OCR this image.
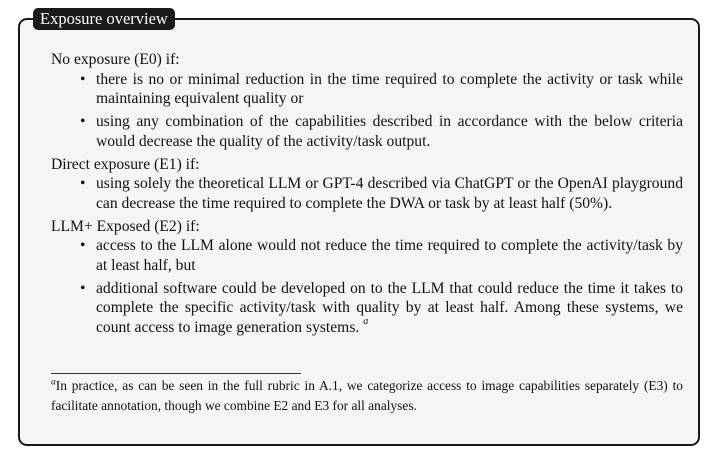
Exposure overview

No exposure (E0) if:

• there is no or minimal reduction in the time required to complete the activity or task while maintaining equivalent quality or
• using any combination of the capabilities described in accordance with the below criteria would decrease the quality of the activity/task output.

Direct exposure (E1) if:

• using solely the theoretical LLM or GPT-4 described via ChatGPT or the OpenAI playground can decrease the time required to complete the DWA or task by at least half (50%).

LLM+ Exposed (E2) if:

• access to the LLM alone would not reduce the time required to complete the activity/task by at least half, but
• additional software could be developed on to the LLM that could reduce the time it takes to complete the specific activity/task with quality by at least half. Among these systems, we count access to image generation systems. $^a$
$^a$In practice, as can be seen in the full rubric in A.1, we categorize access to image capabilities separately (E3) to facilitate annotation, though we combine E2 and E3 for all analyses.
